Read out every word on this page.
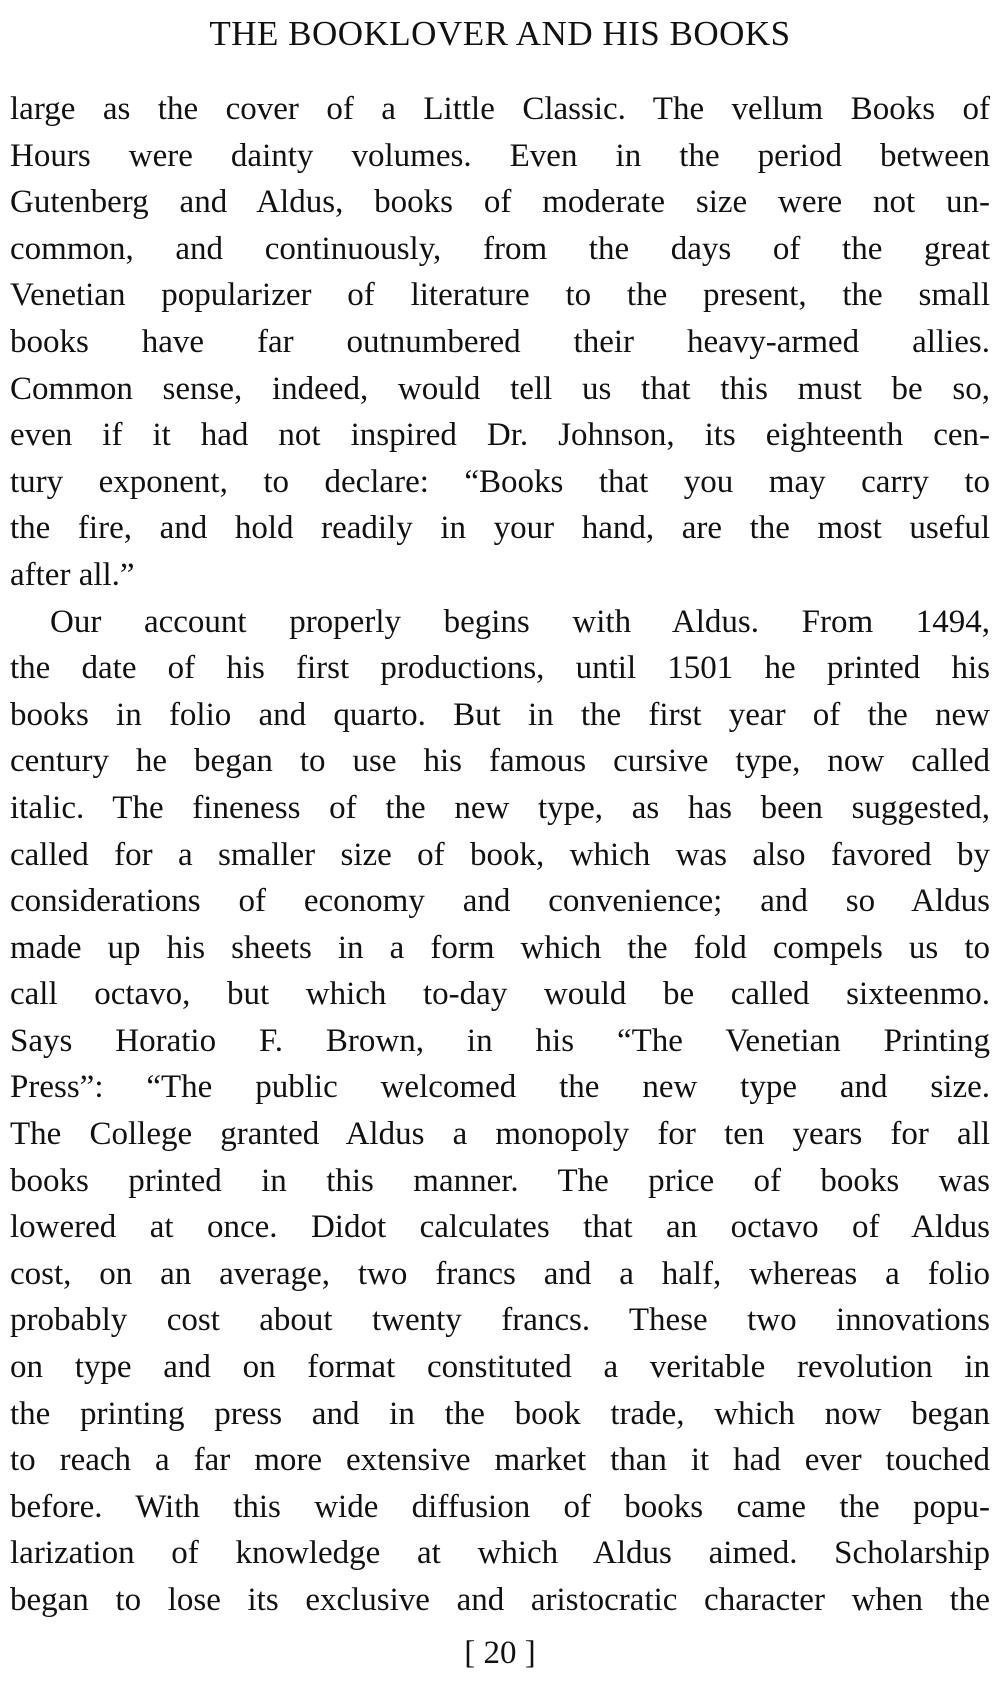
THE BOOKLOVER AND HIS BOOKS
large as the cover of a Little Classic. The vellum Books of
Hours were dainty volumes. Even in the period between
Gutenberg and Aldus, books of moderate size were not un-
common, and continuously, from the days of the great
Venetian popularizer of literature to the present, the small
books have far outnumbered their heavy-armed allies.
Common sense, indeed, would tell us that this must be so,
even if it had not inspired Dr. Johnson, its eighteenth cen-
tury exponent, to declare: “Books that you may carry to
the fire, and hold readily in your hand, are the most useful
after all.”
Our account properly begins with Aldus. From 1494,
the date of his first productions, until 1501 he printed his
books in folio and quarto. But in the first year of the new
century he began to use his famous cursive type, now called
italic. The fineness of the new type, as has been suggested,
called for a smaller size of book, which was also favored by
considerations of economy and convenience; and so Aldus
made up his sheets in a form which the fold compels us to
call octavo, but which to-day would be called sixteenmo.
Says Horatio F. Brown, in his “The Venetian Printing
Press”: “The public welcomed the new type and size.
The College granted Aldus a monopoly for ten years for all
books printed in this manner. The price of books was
lowered at once. Didot calculates that an octavo of Aldus
cost, on an average, two francs and a half, whereas a folio
probably cost about twenty francs. These two innovations
on type and on format constituted a veritable revolution in
the printing press and in the book trade, which now began
to reach a far more extensive market than it had ever touched
before. With this wide diffusion of books came the popu-
larization of knowledge at which Aldus aimed. Scholarship
began to lose its exclusive and aristocratic character when the
[ 20 ]
